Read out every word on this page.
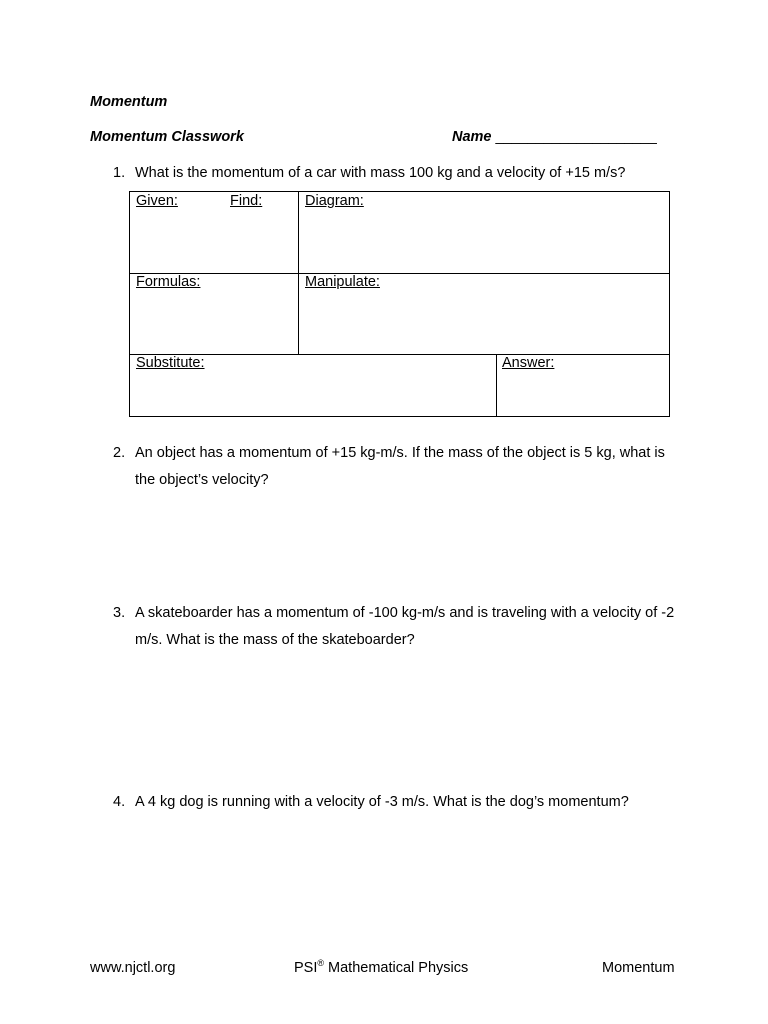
Momentum
Momentum Classwork	Name ____________________
1. What is the momentum of a car with mass 100 kg and a velocity of +15 m/s?
Given:	Find:	Diagram:
Formulas:	Manipulate:
Substitute:	Answer:
2. An object has a momentum of +15 kg-m/s. If the mass of the object is 5 kg, what is the object’s velocity?
3. A skateboarder has a momentum of -100 kg-m/s and is traveling with a velocity of -2 m/s. What is the mass of the skateboarder?
4. A 4 kg dog is running with a velocity of -3 m/s. What is the dog’s momentum?
www.njctl.org	PSI® Mathematical Physics	Momentum
